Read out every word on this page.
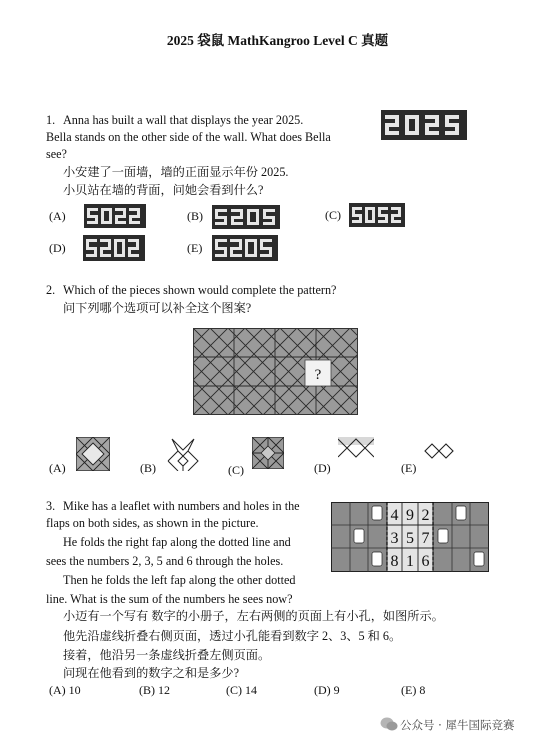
2025 袋鼠 MathKangroo Level C 真题
1. Anna has built a wall that displays the year 2025.
Bella stands on the other side of the wall. What does Bella
see?
小安建了一面墙，墙的正面显示年份 2025.
小贝站在墙的背面，问她会看到什么?
(A)	(B)	(C)
(D)	(E)
2. Which of the pieces shown would complete the pattern?
问下列哪个选项可以补全这个图案?
?
(A)	(B)	(C)	(D)	(E)
3. Mike has a leaflet with numbers and holes in the
flaps on both sides, as shown in the picture.
He folds the right fap along the dotted line and
sees the numbers 2, 3, 5 and 6 through the holes.
Then he folds the left fap along the other dotted
line. What is the sum of the numbers he sees now?
小迈有一个写有 数字的小册子，左右两侧的页面上有小孔，如图所示。
他先沿虚线折叠右侧页面，透过小孔能看到数字 2、3、5 和 6。
接着，他沿另一条虚线折叠左侧页面。
问现在他看到的数字之和是多少?
4 9 2
3 5 7
8 1 6
(A) 10	(B) 12	(C) 14	(D) 9	(E) 8
公众号 · 犀牛国际竞赛
